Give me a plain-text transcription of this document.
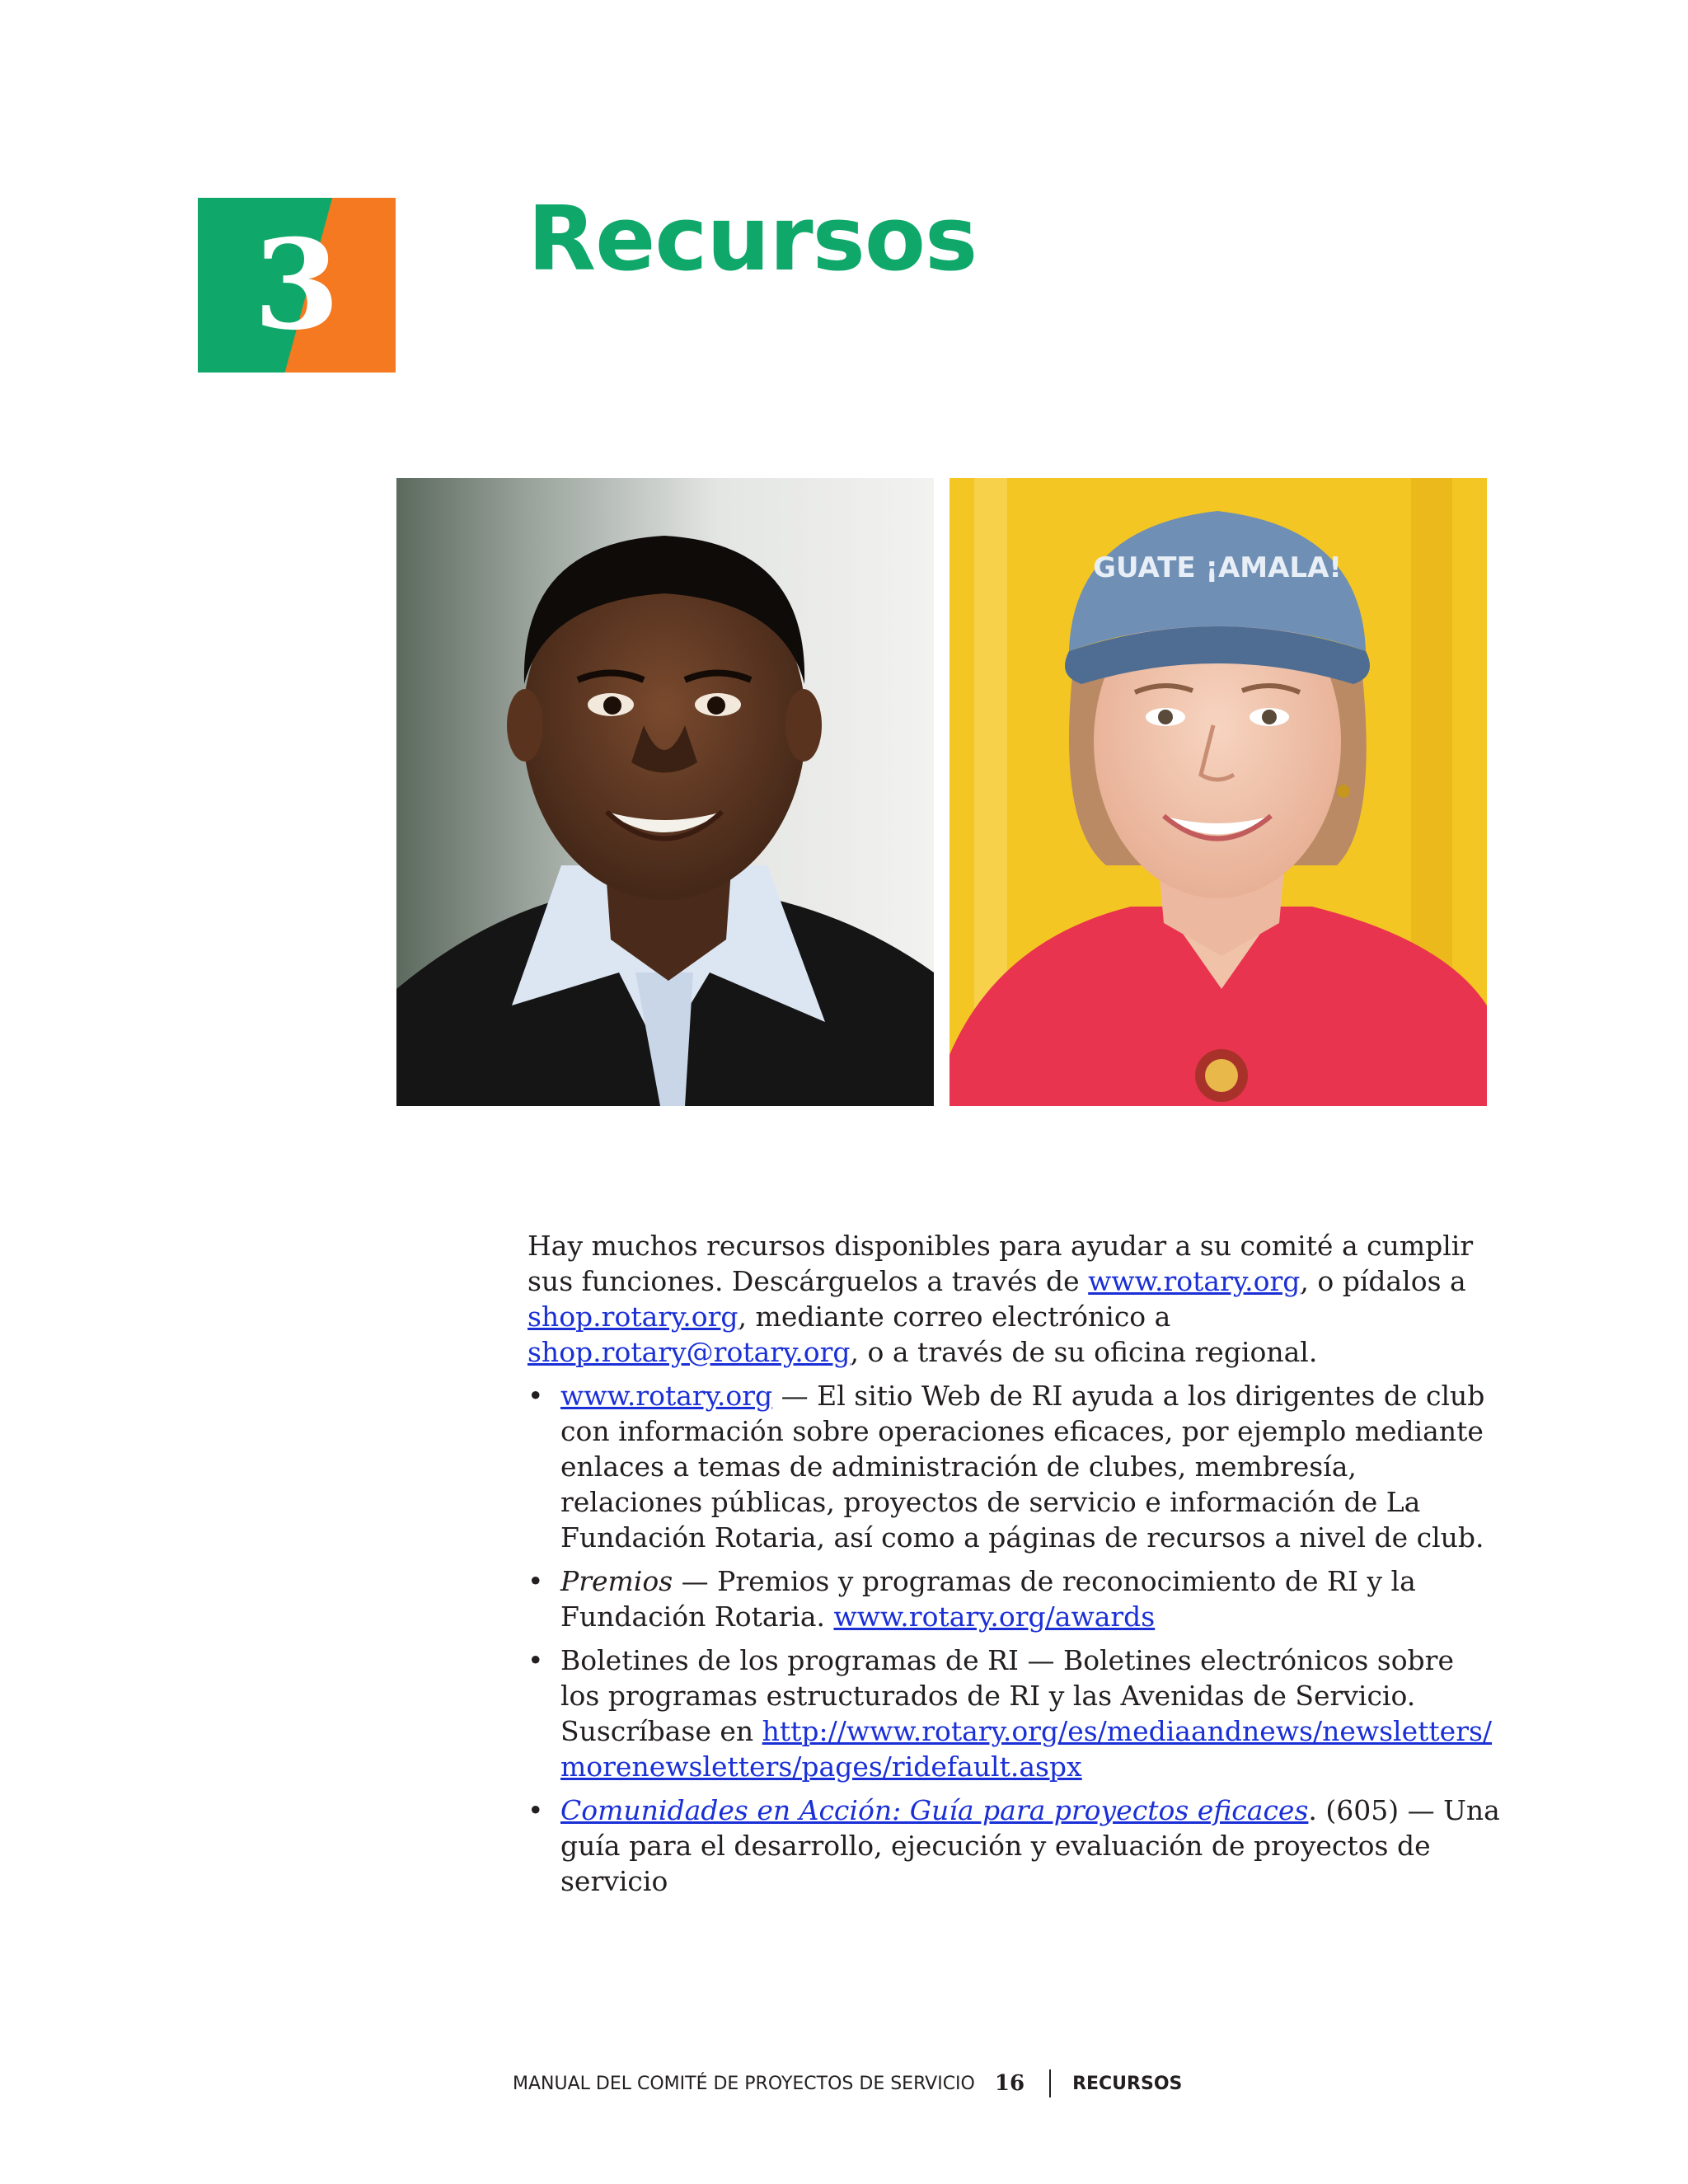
3	Recursos
GUATE ¡AMALA!

Hay muchos recursos disponibles para ayudar a su comité a cumplir sus funciones. Descárguelos a través de www.rotary.org, o pídalos a shop.rotary.org, mediante correo electrónico a shop.rotary@rotary.org, o a través de su oficina regional.

• www.rotary.org — El sitio Web de RI ayuda a los dirigentes de club con información sobre operaciones eficaces, por ejemplo mediante enlaces a temas de administración de clubes, membresía, relaciones públicas, proyectos de servicio e información de La Fundación Rotaria, así como a páginas de recursos a nivel de club.
• Premios — Premios y programas de reconocimiento de RI y la Fundación Rotaria. www.rotary.org/awards
• Boletines de los programas de RI — Boletines electrónicos sobre los programas estructurados de RI y las Avenidas de Servicio. Suscríbase en http://www.rotary.org/es/mediaandnews/newsletters/morenewsletters/pages/ridefault.aspx
• Comunidades en Acción: Guía para proyectos eficaces. (605) — Una guía para el desarrollo, ejecución y evaluación de proyectos de servicio
MANUAL DEL COMITÉ DE PROYECTOS DE SERVICIO 16	RECURSOS
